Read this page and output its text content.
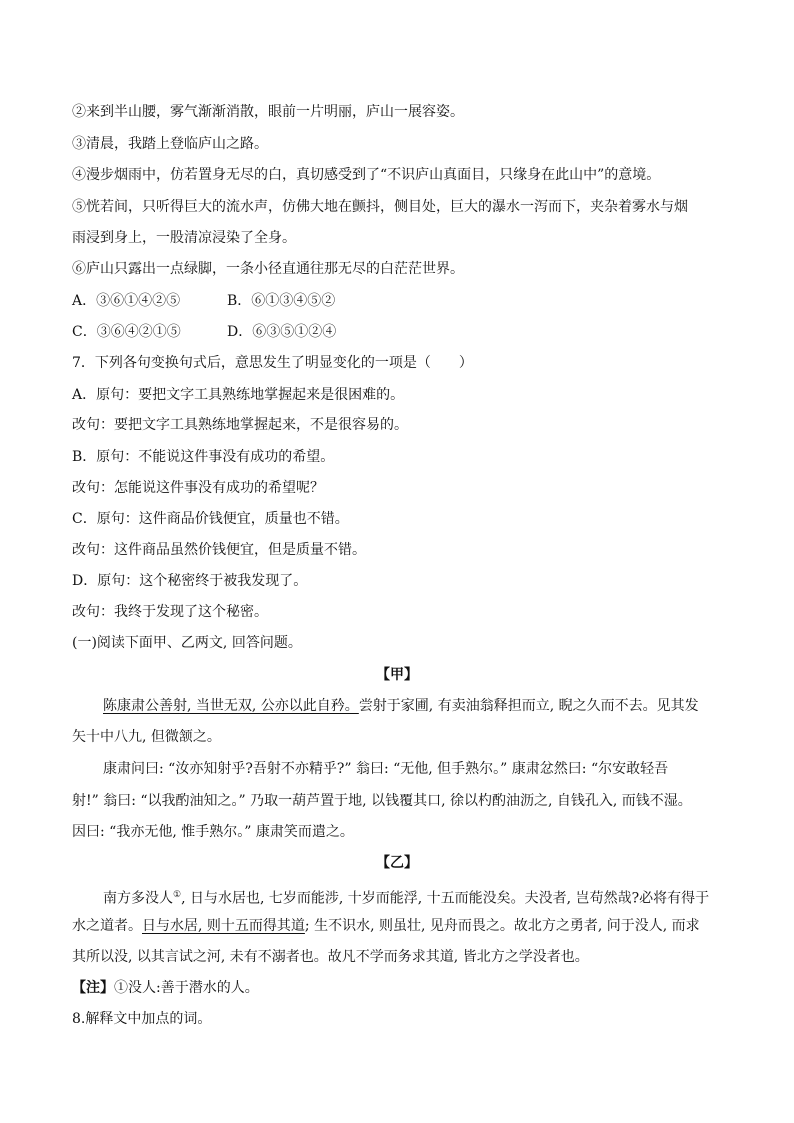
②来到半山腰，雾气渐渐消散，眼前一片明丽，庐山一展容姿。
③清晨，我踏上登临庐山之路。
④漫步烟雨中，仿若置身无尽的白，真切感受到了“不识庐山真面目，只缘身在此山中”的意境。
⑤恍若间，只听得巨大的流水声，仿佛大地在颤抖，侧目处，巨大的瀑水一泻而下，夹杂着雾水与烟
雨浸到身上，一股清凉浸染了全身。
⑥庐山只露出一点绿脚，一条小径直通往那无尽的白茫茫世界。
A．③⑥①④②⑤	B．⑥①③④⑤②
C．③⑥④②①⑤	D．⑥③⑤①②④
7．下列各句变换句式后，意思发生了明显变化的一项是（　　）
A．原句：要把文字工具熟练地掌握起来是很困难的。
改句：要把文字工具熟练地掌握起来，不是很容易的。
B．原句：不能说这件事没有成功的希望。
改句：怎能说这件事没有成功的希望呢？
C．原句：这件商品价钱便宜，质量也不错。
改句：这件商品虽然价钱便宜，但是质量不错。
D．原句：这个秘密终于被我发现了。
改句：我终于发现了这个秘密。
(一)阅读下面甲、乙两文, 回答问题。
【甲】
陈康肃公善射, 当世无双, 公亦以此自矜。尝射于家圃, 有卖油翁释担而立, 睨之久而不去。见其发
矢十中八九, 但微颔之。
康肃问曰: “汝亦知射乎?吾射不亦精乎?” 翁曰: “无他, 但手熟尔。” 康肃忿然曰: “尔安敢轻吾
射!” 翁曰: “以我酌油知之。” 乃取一葫芦置于地, 以钱覆其口, 徐以杓酌油沥之, 自钱孔入, 而钱不湿。
因曰: “我亦无他, 惟手熟尔。” 康肃笑而遣之。
【乙】
南方多没人①, 日与水居也, 七岁而能涉, 十岁而能浮, 十五而能没矣。夫没者, 岂苟然哉?必将有得于
水之道者。日与水居, 则十五而得其道; 生不识水, 则虽壮, 见舟而畏之。故北方之勇者, 问于没人, 而求
其所以没, 以其言试之河, 未有不溺者也。故凡不学而务求其道, 皆北方之学没者也。
【注】①没人:善于潜水的人。
8.解释文中加点的词。
